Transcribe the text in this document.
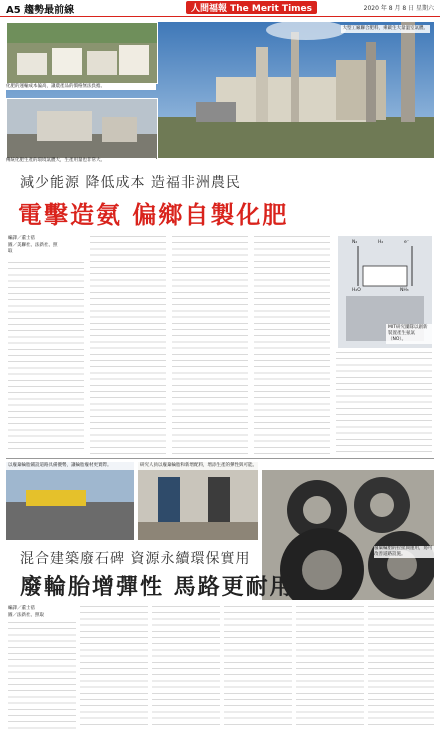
A5 趨勢最前線	人間福報 The Merit Times	2020 年 8 月 8 日 星期六
大型工廠聯合肥料，乘載生大量溫室氣體。
化肥的運輸成本偏高，讓農產品的價格無法負擔。
傳統化肥生產的環境氣體大，生產用量也非常大。
減少能源 降低成本 造福非洲農民
電擊造氨 偏鄉自製化肥
編譯／董士蓓
圖／美聯社、法新社、照取
N₂	H₂	e⁻
H₂O	NH₃
MIT研究團隊以創新裝置產生氨氣（NO）。
以廢棄輪胎鋪設道路具備優勢，讓輪胎廢材更實際。	研究人員以廢棄輪胎和新增配料，增添生產的彈性與可能。
廢棄輪胎的拉扯與運用，將可改善道路設施。
混合建築廢石碑 資源永續環保實用
廢輪胎增彈性 馬路更耐用
編譯／董士蓓
圖／法新社、照取
